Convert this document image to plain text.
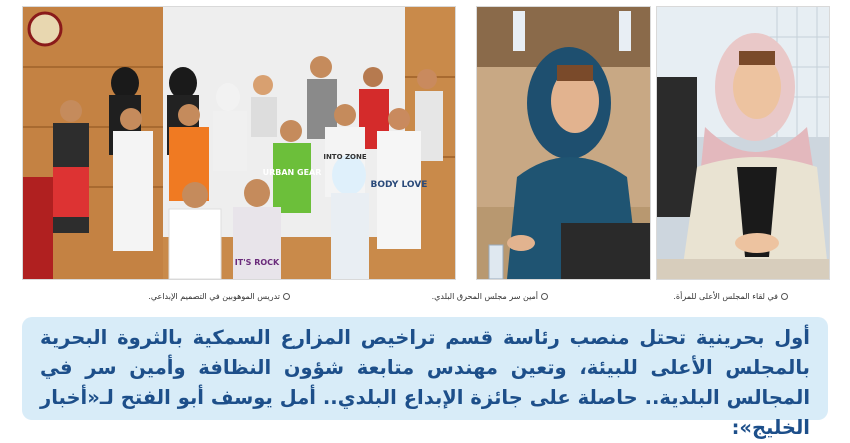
URBAN GEAR
BODY LOVE
IT'S ROCK
INTO ZONE
تدريس الموهوبين في التصميم الإبداعي.	أمين سر مجلس المحرق البلدي.	في لقاء المجلس الأعلى للمرأة.

أول بحرينية تحتل منصب رئاسة قسم تراخيص المزارع السمكية بالثروة البحرية بالمجلس الأعلى للبيئة، وتعين مهندس متابعة شؤون النظافة وأمين سر في المجالس البلدية.. حاصلة على جائزة الإبداع البلدي.. أمل يوسف أبو الفتح لـ«أخبار الخليج»:
